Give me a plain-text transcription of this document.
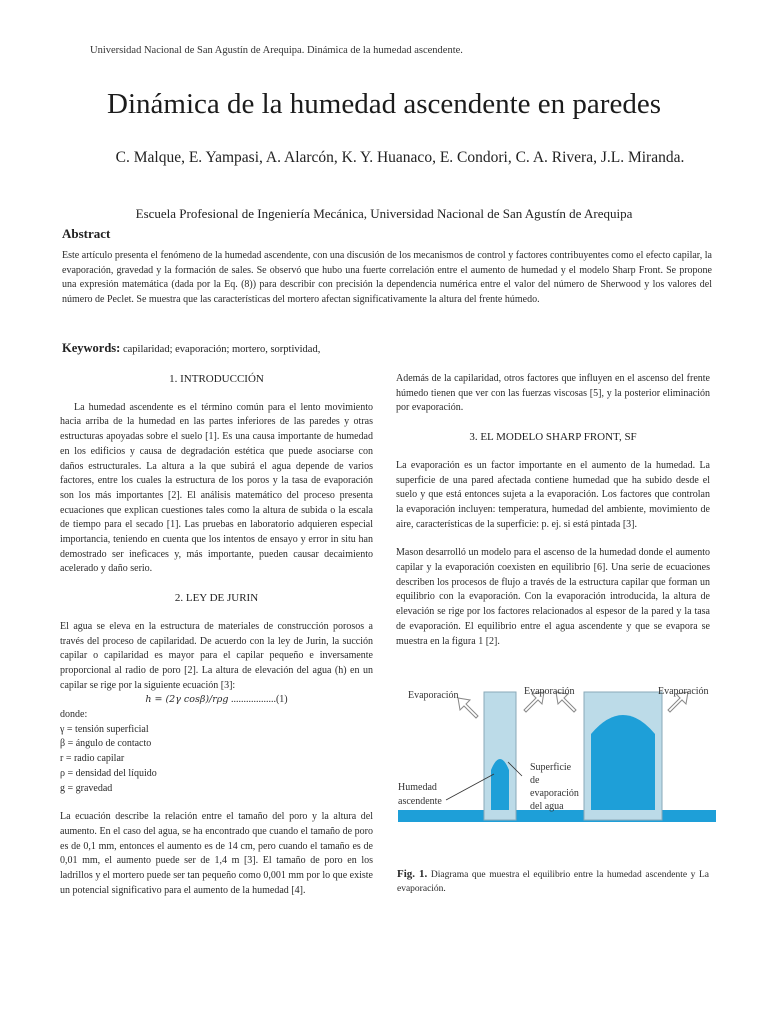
Universidad Nacional de San Agustín de Arequipa. Dinámica de la humedad ascendente.
Dinámica de la humedad ascendente en paredes
C. Malque, E. Yampasi, A. Alarcón, K. Y. Huanaco, E. Condori, C. A. Rivera, J.L. Miranda.
Escuela Profesional de Ingeniería Mecánica, Universidad Nacional de San Agustín de Arequipa
Abstract
Este artículo presenta el fenómeno de la humedad ascendente, con una discusión de los mecanismos de control y factores contribuyentes como el efecto capilar, la evaporación, gravedad y la formación de sales. Se observó que hubo una fuerte correlación entre el aumento de humedad y el modelo Sharp Front. Se propone una expresión matemática (dada por la Eq. (8)) para describir con precisión la dependencia numérica entre el valor del número de Sherwood y los valores del número de Peclet. Se muestra que las características del mortero afectan significativamente la altura del frente húmedo.
Keywords: capilaridad; evaporación; mortero, sorptividad,

1. INTRODUCCIÓN

La humedad ascendente es el término común para el lento movimiento hacia arriba de la humedad en las partes inferiores de las paredes y otras estructuras apoyadas sobre el suelo [1]. Es una causa importante de humedad en los edificios y causa de degradación estética que puede asociarse con daños estructurales. La altura a la que subirá el agua depende de varios factores, entre los cuales la estructura de los poros y la tasa de evaporación son los más importantes [2]. El análisis matemático del proceso presenta ecuaciones que explican cuestiones tales como la altura de subida o la escala de tiempo para el secado [1]. Las pruebas en laboratorio adquieren especial importancia, teniendo en cuenta que los intentos de ensayo y error in situ han demostrado ser ineficaces y, más importante, pueden causar decaimiento acelerado y daño serio.

2. LEY DE JURIN

El agua se eleva en la estructura de materiales de construcción porosos a través del proceso de capilaridad. De acuerdo con la ley de Jurin, la succión capilar o capilaridad es mayor para el capilar pequeño e inversamente proporcional al radio de poro [2]. La altura de elevación del agua (h) en un capilar se rige por la siguiente ecuación [3]:

h = (2γ cosβ)/rρg ..................(1)

donde:

γ = tensión superficial

β = ángulo de contacto

r = radio capilar

ρ = densidad del líquido

g = gravedad

La ecuación describe la relación entre el tamaño del poro y la altura del aumento. En el caso del agua, se ha encontrado que cuando el tamaño de poro es de 0,1 mm, entonces el aumento es de 14 cm, pero cuando el tamaño es de 0,01 mm, el aumento puede ser de 1,4 m [3]. El tamaño de poro en los ladrillos y el mortero puede ser tan pequeño como 0,001 mm por lo que existe un potencial significativo para el aumento de la humedad [4].

Además de la capilaridad, otros factores que influyen en el ascenso del frente húmedo tienen que ver con las fuerzas viscosas [5], y la posterior eliminación por evaporación.

3. EL MODELO SHARP FRONT, SF

La evaporación es un factor importante en el aumento de la humedad. La superficie de una pared afectada contiene humedad que ha subido desde el suelo y que está entonces sujeta a la evaporación. Los factores que controlan la evaporación incluyen: temperatura, humedad del ambiente, movimiento de aire, características de la superficie: p. ej. si está pintada [3].

Mason desarrolló un modelo para el ascenso de la humedad donde el aumento capilar y la evaporación coexisten en equilibrio [6]. Una serie de ecuaciones describen los procesos de flujo a través de la estructura capilar que forman un equilibrio con la evaporación. Con la evaporación introducida, la altura de elevación se rige por los factores relacionados al espesor de la pared y la tasa de evaporación. El equilibrio entre el agua ascendente y que se evapora se muestra en la figura 1 [2].

Evaporación	Evaporación	Evaporación
Humedad
ascendente
Superficie
de
evaporación
del agua
Fig. 1. Diagrama que muestra el equilibrio entre la humedad ascendente y La evaporación.
